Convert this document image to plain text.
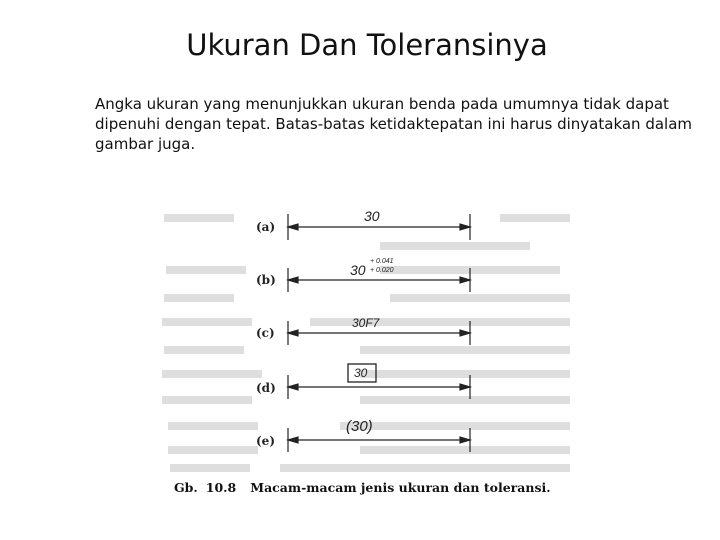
Ukuran Dan Toleransinya
Angka ukuran yang menunjukkan ukuran benda pada umumnya tidak dapat dipenuhi dengan tepat. Batas-batas ketidaktepatan ini harus dinyatakan dalam gambar juga.
(a)
30
(b)
30
+ 0.041
+ 0.020
(c)
30F7
(d)
30
(e)
(30)
Gb. 10.8 Macam-macam jenis ukuran dan toleransi.
